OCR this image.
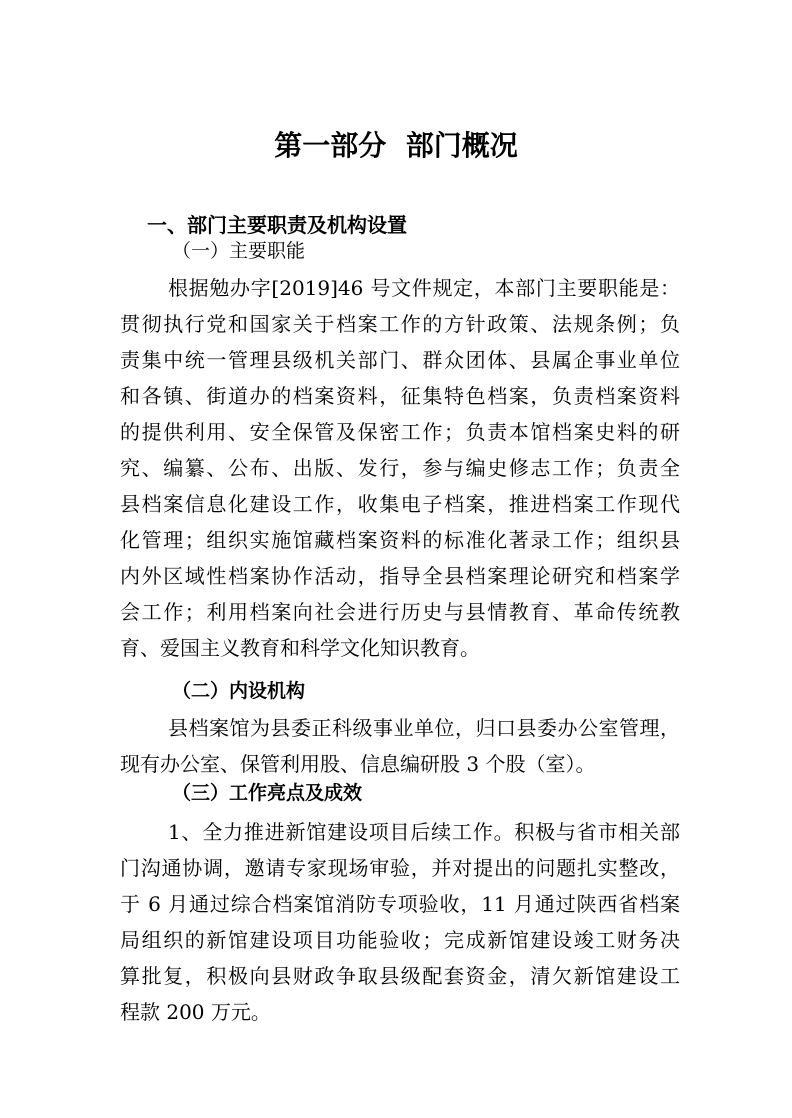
第一部分  部门概况
一、部门主要职责及机构设置
（一）主要职能
根据勉办字[2019]46 号文件规定，本部门主要职能是：
贯彻执行党和国家关于档案工作的方针政策、法规条例；负
责集中统一管理县级机关部门、群众团体、县属企事业单位
和各镇、街道办的档案资料，征集特色档案，负责档案资料
的提供利用、安全保管及保密工作；负责本馆档案史料的研
究、编纂、公布、出版、发行，参与编史修志工作；负责全
县档案信息化建设工作，收集电子档案，推进档案工作现代
化管理；组织实施馆藏档案资料的标准化著录工作；组织县
内外区域性档案协作活动，指导全县档案理论研究和档案学
会工作；利用档案向社会进行历史与县情教育、革命传统教
育、爱国主义教育和科学文化知识教育。
（二）内设机构
县档案馆为县委正科级事业单位，归口县委办公室管理，
现有办公室、保管利用股、信息编研股 3 个股（室）。
（三）工作亮点及成效
1、全力推进新馆建设项目后续工作。积极与省市相关部
门沟通协调，邀请专家现场审验，并对提出的问题扎实整改，
于 6 月通过综合档案馆消防专项验收，11 月通过陕西省档案
局组织的新馆建设项目功能验收；完成新馆建设竣工财务决
算批复，积极向县财政争取县级配套资金，清欠新馆建设工
程款 200 万元。
